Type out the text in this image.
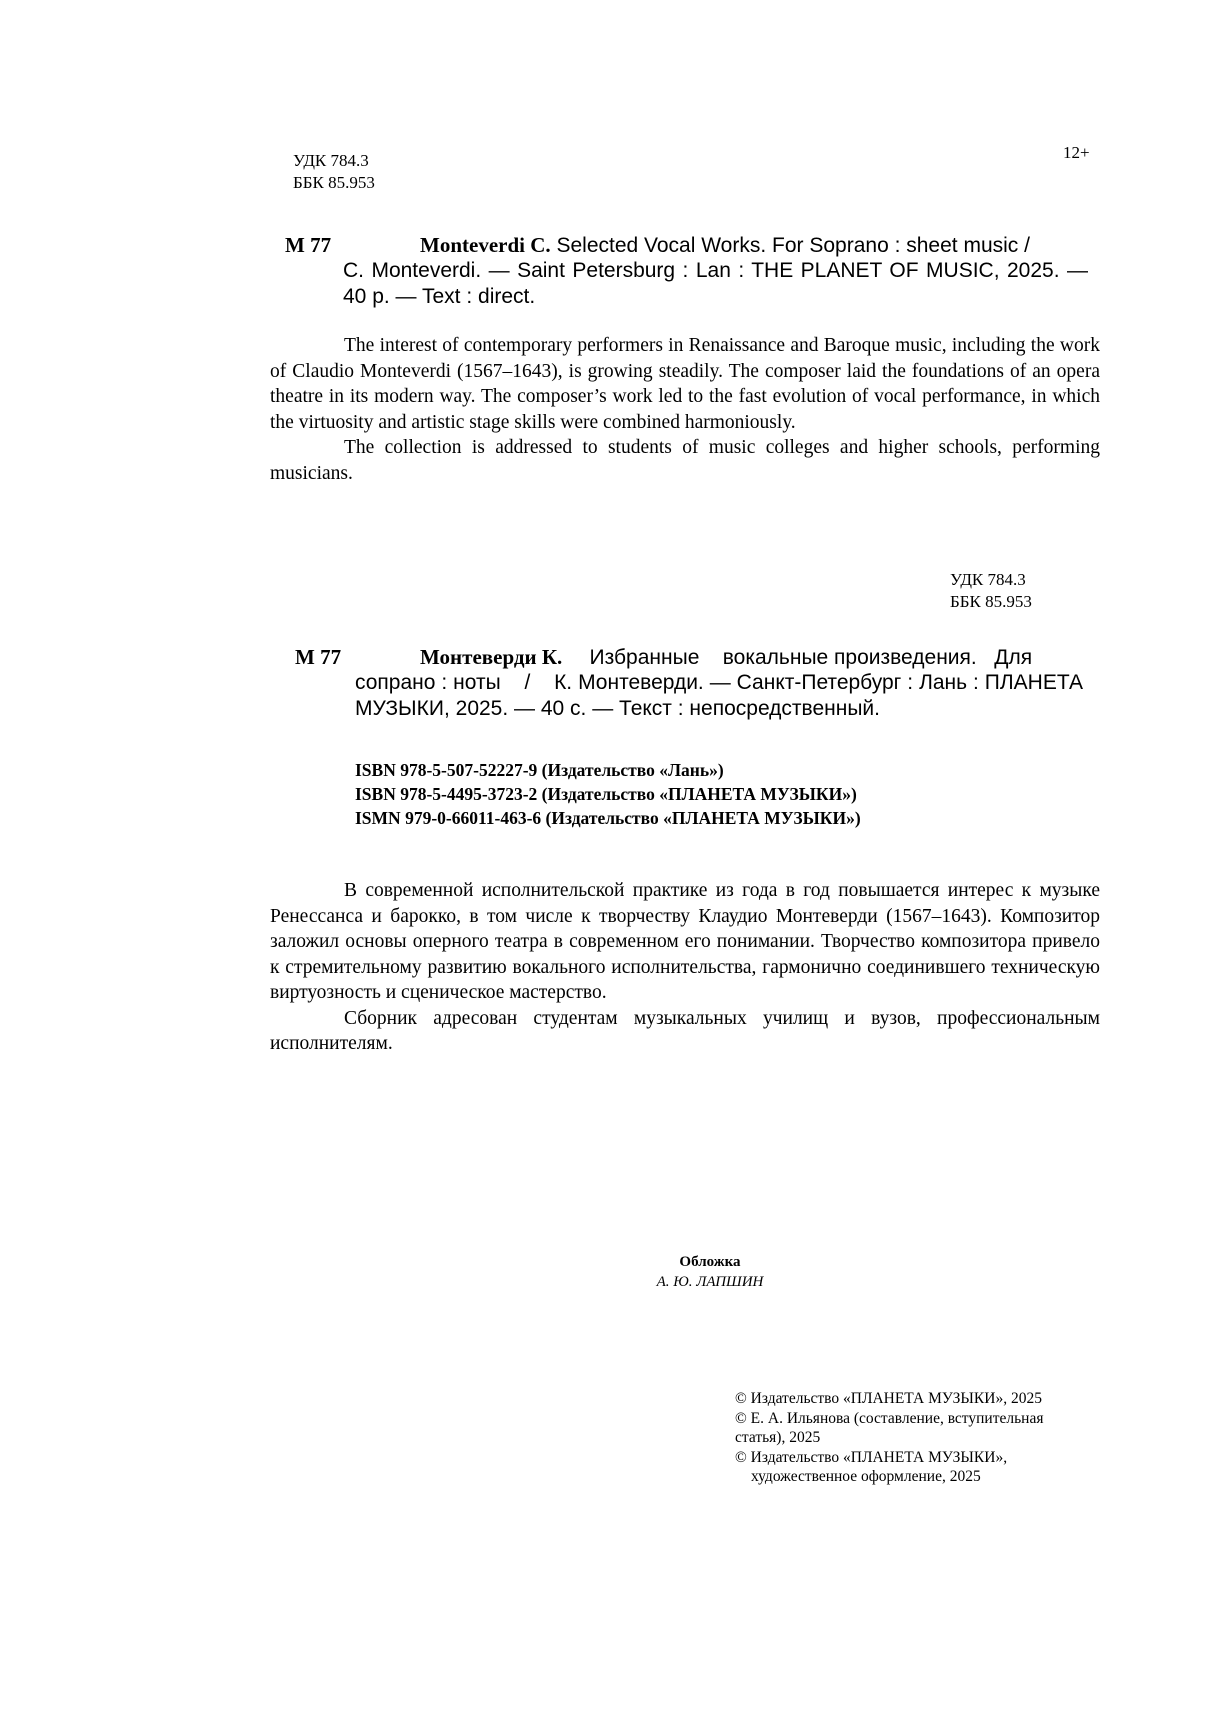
12+
УДК 784.3
ББК 85.953
M 77	Monteverdi C. Selected Vocal Works. For Soprano : sheet music /
C. Monteverdi. — Saint Petersburg : Lan : THE PLANET OF MUSIC, 2025. — 40 p. — Text : direct.

The interest of contemporary performers in Renaissance and Baroque music, including the work of Claudio Monteverdi (1567–1643), is growing steadily. The composer laid the foundations of an opera theatre in its modern way. The composer’s work led to the fast evolution of vocal performance, in which the virtuosity and artistic stage skills were combined harmoniously.

The collection is addressed to students of music colleges and higher schools, performing musicians.

УДК 784.3
ББК 85.953
М 77	Монтеверди К. Избранные    вокальные произведения.   Для
сопрано : ноты    /    К. Монтеверди. — Санкт-Петербург : Лань : ПЛАНЕТА МУЗЫКИ, 2025. — 40 с. — Текст : непосредственный.
ISBN 978-5-507-52227-9 (Издательство «Лань»)
ISBN 978-5-4495-3723-2 (Издательство «ПЛАНЕТА МУЗЫКИ»)
ISMN 979-0-66011-463-6 (Издательство «ПЛАНЕТА МУЗЫКИ»)

В современной исполнительской практике из года в год повышается интерес к музыке Ренессанса и барокко, в том числе к творчеству Клаудио Монтеверди (1567–1643). Композитор заложил основы оперного театра в современном его понимании. Творчество композитора привело к стремительному развитию вокального исполнительства, гармонично соединившего техническую виртуозность и сценическое мастерство.

Сборник адресован студентам музыкальных училищ и вузов, профессиональным исполнителям.

Обложка
А. Ю. ЛАПШИН
© Издательство «ПЛАНЕТА МУЗЫКИ», 2025
© Е. А. Ильянова (составление, вступительная статья), 2025
© Издательство «ПЛАНЕТА МУЗЫКИ»,
художественное оформление, 2025
